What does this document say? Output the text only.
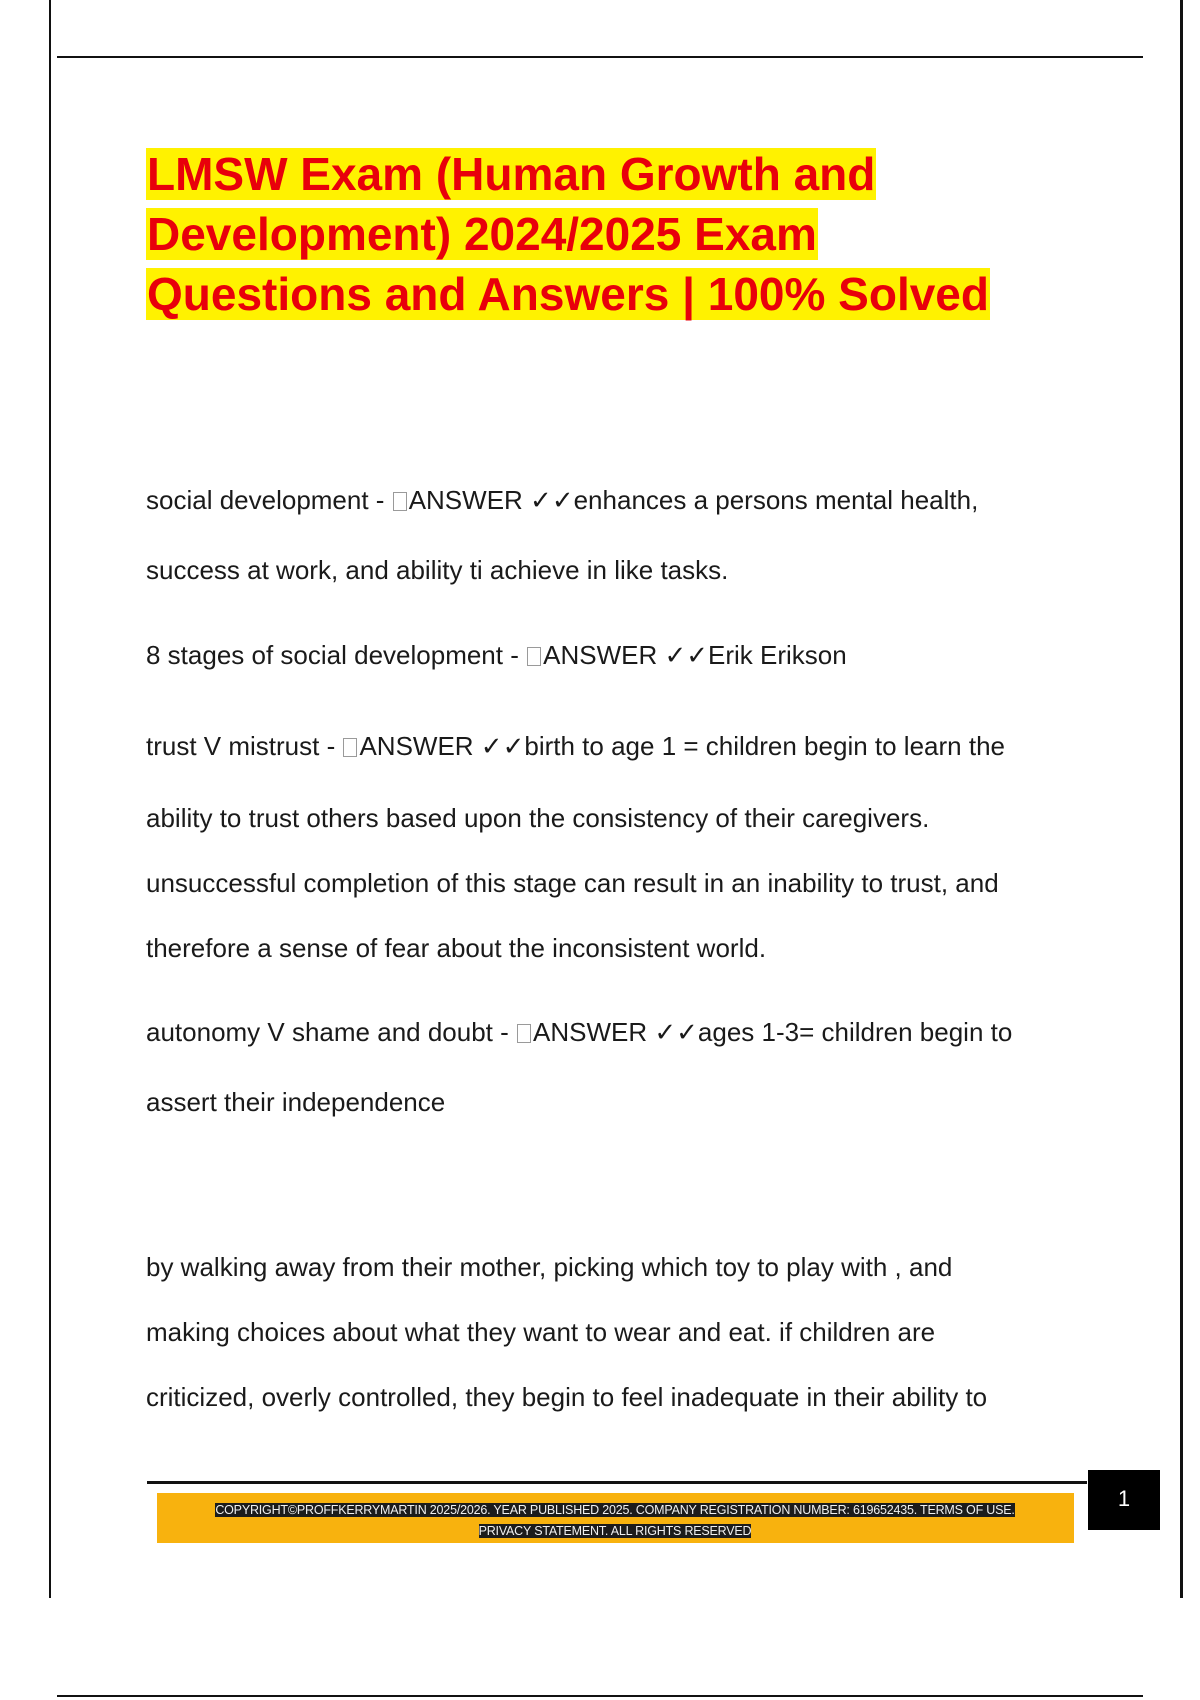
LMSW Exam (Human Growth and
Development) 2024/2025 Exam
Questions and Answers | 100% Solved
social development - ANSWER ✓✓enhances a persons mental health,
success at work, and ability ti achieve in like tasks.
8 stages of social development - ANSWER ✓✓Erik Erikson
trust V mistrust - ANSWER ✓✓birth to age 1 = children begin to learn the
ability to trust others based upon the consistency of their caregivers.
unsuccessful completion of this stage can result in an inability to trust, and
therefore a sense of fear about the inconsistent world.
autonomy V shame and doubt - ANSWER ✓✓ages 1-3= children begin to
assert their independence
by walking away from their mother, picking which toy to play with , and
making choices about what they want to wear and eat. if children are
criticized, overly controlled, they begin to feel inadequate in their ability to
1
COPYRIGHT©PROFFKERRYMARTIN 2025/2026. YEAR PUBLISHED 2025. COMPANY REGISTRATION NUMBER: 619652435. TERMS OF USE.
PRIVACY STATEMENT. ALL RIGHTS RESERVED
